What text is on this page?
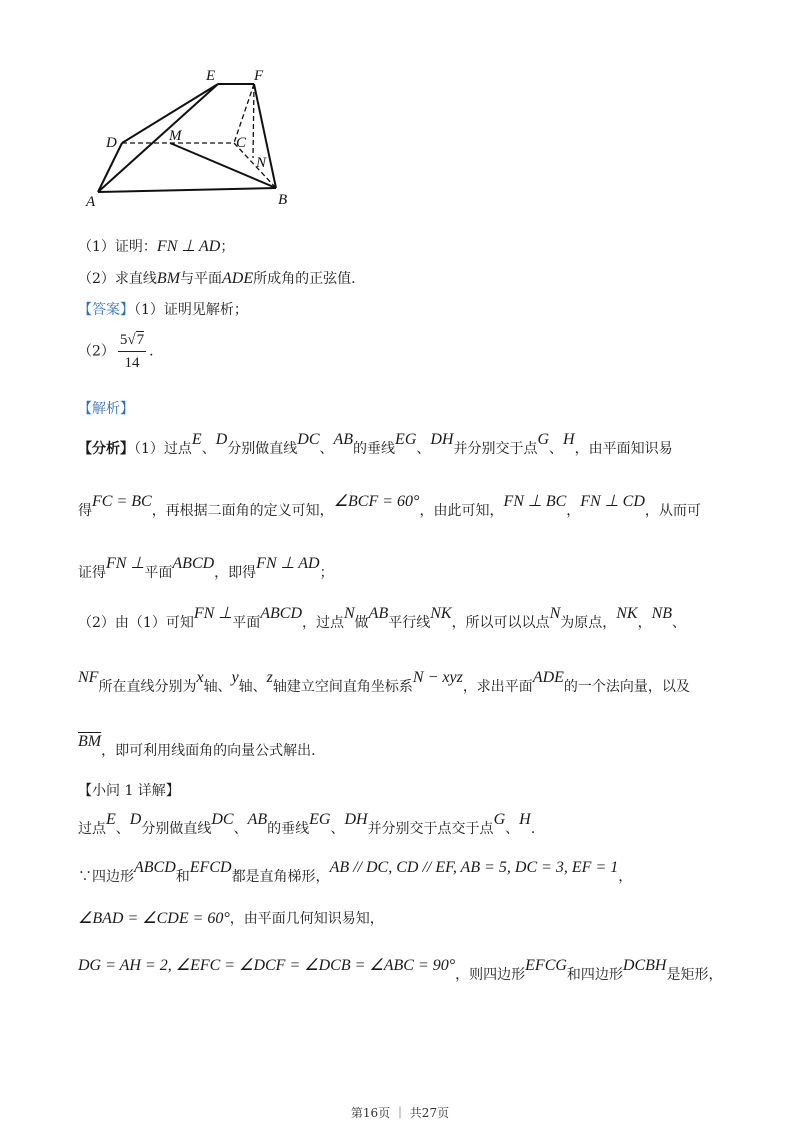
E	F
D	M	C
N
A	B
（1）证明：FN ⊥ AD；
（2）求直线BM与平面ADE所成角的正弦值.
【答案】（1）证明见解析；
$(2) \frac{5√7}{14}$ .
【解析】
【分析】（1）过点E、D分别做直线DC、AB的垂线EG、DH并分别交于点G、H，由平面知识易
得FC = BC，再根据二面角的定义可知，∠BCF = 60°，由此可知，FN ⊥ BC，FN ⊥ CD，从而可
证得FN ⊥平面ABCD，即得FN ⊥ AD；
（2）由（1）可知FN ⊥平面ABCD，过点N做AB平行线NK，所以可以以点N为原点，NK，NB、
NF所在直线分别为x轴、y轴、z轴建立空间直角坐标系N − xyz，求出平面ADE的一个法向量，以及
$\overline{BM}$，即可利用线面角的向量公式解出.
【小问 1 详解】
过点E、D分别做直线DC、AB的垂线EG、DH并分别交于点交于点G、H.
∵四边形ABCD和EFCD都是直角梯形，AB // DC, CD // EF, AB = 5, DC = 3, EF = 1，
∠BAD = ∠CDE = 60°，由平面几何知识易知，
DG = AH = 2, ∠EFC = ∠DCF = ∠DCB = ∠ABC = 90°，则四边形EFCG和四边形DCBH是矩形，
第16页 ｜ 共27页
